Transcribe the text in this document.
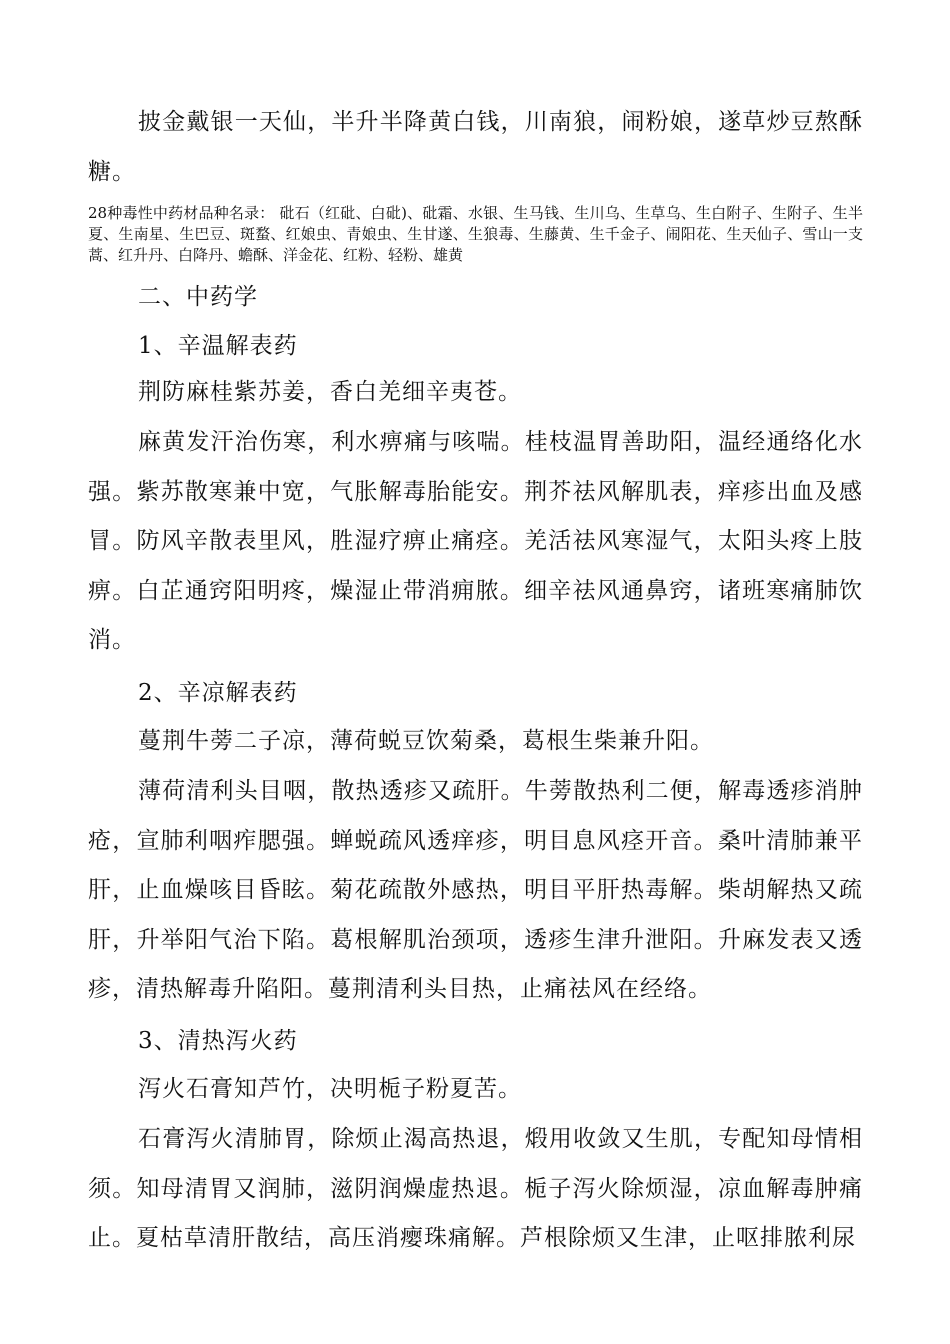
披金戴银一天仙，半升半降黄白钱，川南狼，闹粉娘，遂草炒豆熬酥糖。

28种毒性中药材品种名录： 砒石（红砒、白砒)、砒霜、水银、生马钱、生川乌、生草乌、生白附子、生附子、生半夏、生南星、生巴豆、斑蝥、红娘虫、青娘虫、生甘遂、生狼毒、生藤黄、生千金子、闹阳花、生天仙子、雪山一支蒿、红升丹、白降丹、蟾酥、洋金花、红粉、轻粉、雄黄

二、中药学

1、辛温解表药

荆防麻桂紫苏姜，香白羌细辛夷苍。

麻黄发汗治伤寒，利水痹痛与咳喘。桂枝温胃善助阳，温经通络化水强。紫苏散寒兼中宽，气胀解毒胎能安。荆芥祛风解肌表，痒疹出血及感冒。防风辛散表里风，胜湿疗痹止痛痉。羌活祛风寒湿气，太阳头疼上肢痹。白芷通窍阳明疼，燥湿止带消痈脓。细辛祛风通鼻窍，诸班寒痛肺饮消。

2、辛凉解表药

蔓荆牛蒡二子凉，薄荷蜕豆饮菊桑，葛根生柴兼升阳。

薄荷清利头目咽，散热透疹又疏肝。牛蒡散热利二便，解毒透疹消肿疮，宣肺利咽痄腮强。蝉蜕疏风透痒疹，明目息风痉开音。桑叶清肺兼平肝，止血燥咳目昏眩。菊花疏散外感热，明目平肝热毒解。柴胡解热又疏肝，升举阳气治下陷。葛根解肌治颈项，透疹生津升泄阳。升麻发表又透疹，清热解毒升陷阳。蔓荆清利头目热，止痛祛风在经络。

3、清热泻火药

泻火石膏知芦竹，决明栀子粉夏苦。

石膏泻火清肺胃，除烦止渴高热退，煅用收敛又生肌，专配知母情相须。知母清胃又润肺，滋阴润燥虚热退。栀子泻火除烦湿，凉血解毒肿痛止。夏枯草清肝散结，高压消瘿珠痛解。芦根除烦又生津，止呕排脓利尿
